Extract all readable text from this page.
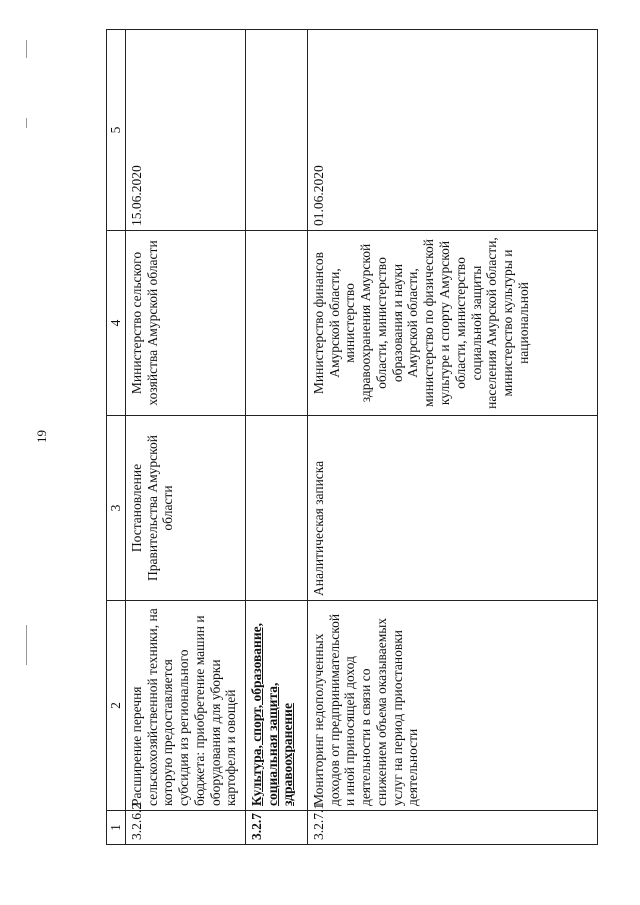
19
1	2	3	4	5
3.2.6.2	Расширение перечня сельскохозяйственной техники, на которую предоставляется субсидия из регионального бюджета: приобретение машин и оборудования для уборки картофеля и овощей	Постановление Правительства Амурской области	Министерство сельского хозяйства Амурской области	15.06.2020
3.2.7	Культура, спорт, образование, социальная защита, здравоохранение			
3.2.7.1	Мониторинг недополученных доходов от предпринимательской и иной приносящей доход деятельности в связи со снижением объема оказываемых услуг на период приостановки деятельности	Аналитическая записка	Министерство финансов Амурской области, министерство здравоохранения Амурской области, министерство образования и науки Амурской области, министерство по физической культуре и спорту Амурской области, министерство социальной защиты населения Амурской области, министерство культуры и национальной	01.06.2020
